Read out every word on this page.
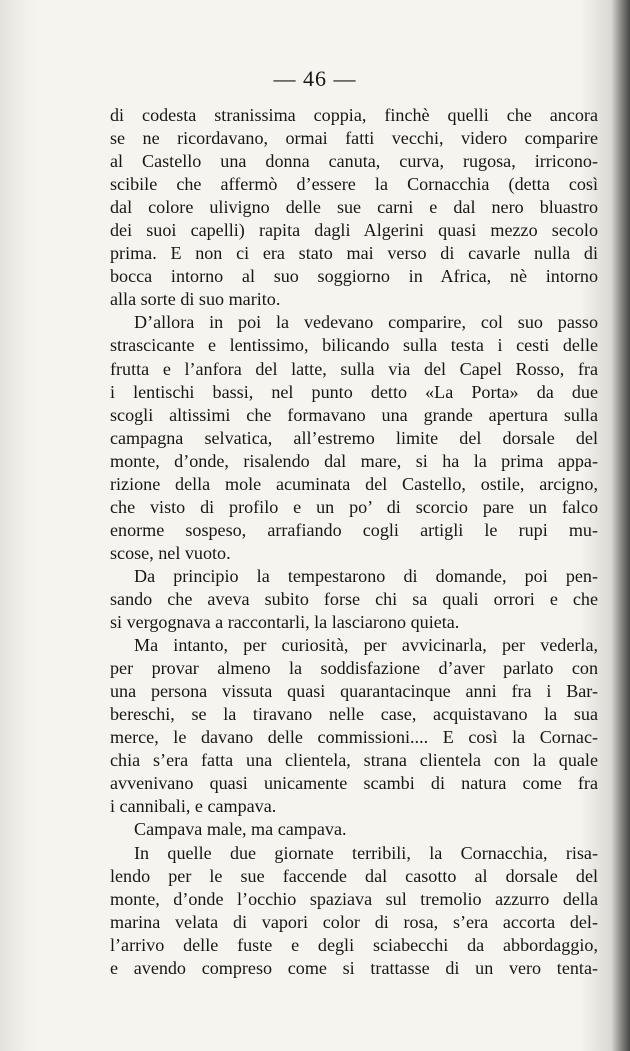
— 46 —
di codesta stranissima coppia, finchè quelli che ancora
se ne ricordavano, ormai fatti vecchi, videro comparire
al Castello una donna canuta, curva, rugosa, irricono-
scibile che affermò d’essere la Cornacchia (detta così
dal colore ulivigno delle sue carni e dal nero bluastro
dei suoi capelli) rapita dagli Algerini quasi mezzo secolo
prima. E non ci era stato mai verso di cavarle nulla di
bocca intorno al suo soggiorno in Africa, nè intorno
alla sorte di suo marito.
D’allora in poi la vedevano comparire, col suo passo
strascicante e lentissimo, bilicando sulla testa i cesti delle
frutta e l’anfora del latte, sulla via del Capel Rosso, fra
i lentischi bassi, nel punto detto «La Porta» da due
scogli altissimi che formavano una grande apertura sulla
campagna selvatica, all’estremo limite del dorsale del
monte, d’onde, risalendo dal mare, si ha la prima appa-
rizione della mole acuminata del Castello, ostile, arcigno,
che visto di profilo e un po’ di scorcio pare un falco
enorme sospeso, arrafiando cogli artigli le rupi mu-
scose, nel vuoto.
Da principio la tempestarono di domande, poi pen-
sando che aveva subito forse chi sa quali orrori e che
si vergognava a raccontarli, la lasciarono quieta.
Ma intanto, per curiosità, per avvicinarla, per vederla,
per provar almeno la soddisfazione d’aver parlato con
una persona vissuta quasi quarantacinque anni fra i Bar-
bereschi, se la tiravano nelle case, acquistavano la sua
merce, le davano delle commissioni.... E così la Cornac-
chia s’era fatta una clientela, strana clientela con la quale
avvenivano quasi unicamente scambi di natura come fra
i cannibali, e campava.
Campava male, ma campava.
In quelle due giornate terribili, la Cornacchia, risa-
lendo per le sue faccende dal casotto al dorsale del
monte, d’onde l’occhio spaziava sul tremolio azzurro della
marina velata di vapori color di rosa, s’era accorta del-
l’arrivo delle fuste e degli sciabecchi da abbordaggio,
e avendo compreso come si trattasse di un vero tenta-
